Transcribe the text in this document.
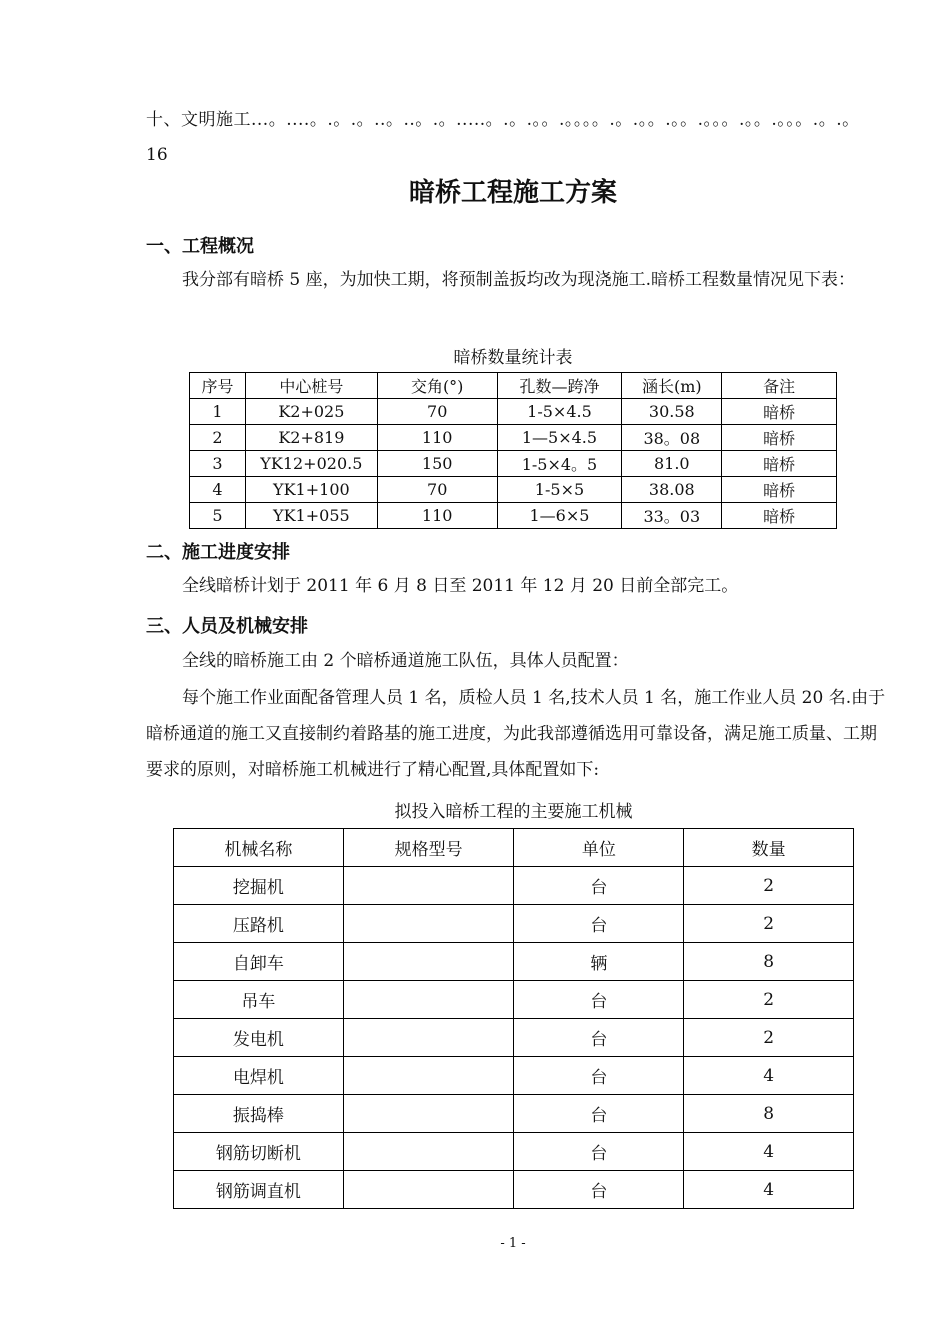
十、文明施工...。....。.。.。..。..。.。.....。.。.。。.。。。。.。.。。.。。.。。。.。。.。。。.。.。
16
暗桥工程施工方案
一、工程概况
我分部有暗桥 5 座，为加快工期，将预制盖扳均改为现浇施工.暗桥工程数量情况见下表：
暗桥数量统计表
序号	中心桩号	交角(°)	孔数—跨净	涵长(m)	备注
1	K2+025	70	1-5×4.5	30.58	暗桥
2	K2+819	110	1—5×4.5	38。08	暗桥
3	YK12+020.5	150	1-5×4。5	81.0	暗桥
4	YK1+100	70	1-5×5	38.08	暗桥
5	YK1+055	110	1—6×5	33。03	暗桥
二、施工进度安排
全线暗桥计划于 2011 年 6 月 8 日至 2011 年 12 月 20 日前全部完工。
三、人员及机械安排
全线的暗桥施工由 2 个暗桥通道施工队伍，具体人员配置：
每个施工作业面配备管理人员 1 名，质检人员 1 名,技术人员 1 名，施工作业人员 20 名.由于暗桥通道的施工又直接制约着路基的施工进度，为此我部遵循选用可靠设备，满足施工质量、工期要求的原则，对暗桥施工机械进行了精心配置,具体配置如下:
拟投入暗桥工程的主要施工机械
机械名称	规格型号	单位	数量
挖掘机		台	2
压路机		台	2
自卸车		辆	8
吊车		台	2
发电机		台	2
电焊机		台	4
振捣棒		台	8
钢筋切断机		台	4
钢筋调直机		台	4
- 1 -
